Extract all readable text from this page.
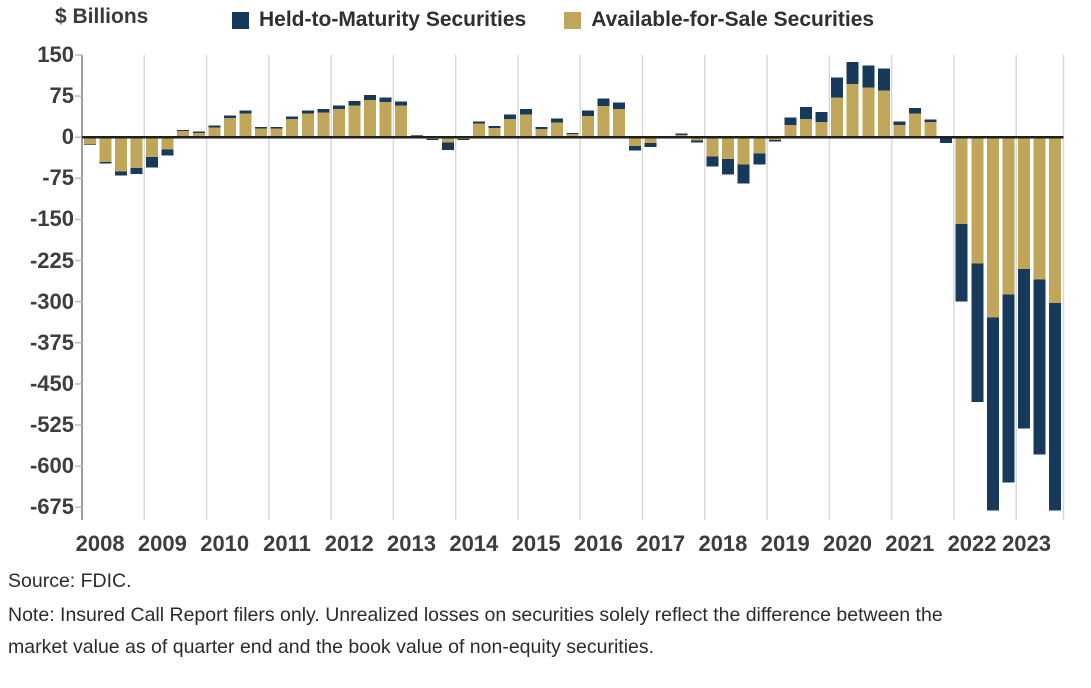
$ Billions	Held-to-Maturity Securities	Available-for-Sale Securities
150
75
0
-75
-150
-225
-300
-375
-450
-525
-600
-675
2008 2009 2010 2011 2012 2013 2014 2015 2016 2017 2018 2019 2020 2021 2022 2023
Source: FDIC.
Note: Insured Call Report filers only. Unrealized losses on securities solely reflect the difference between the
market value as of quarter end and the book value of non-equity securities.
